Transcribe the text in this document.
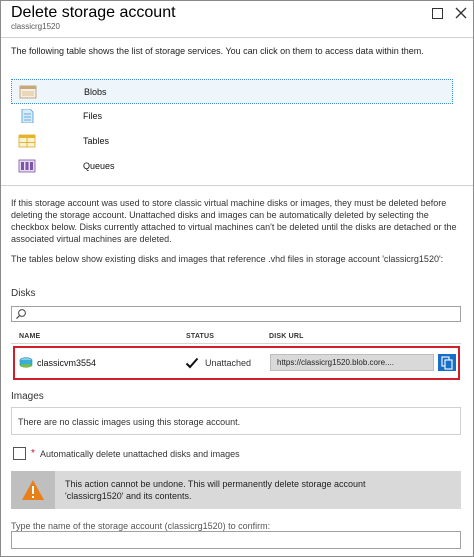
Delete storage account
classicrg1520
The following table shows the list of storage services. You can click on them to access data within them.
Blobs
Files
Tables
Queues
If this storage account was used to store classic virtual machine disks or images, they must be deleted before deleting the storage account. Unattached disks and images can be automatically deleted by selecting the checkbox below. Disks currently attached to virtual machines can't be deleted until the disks are detached or the associated virtual machines are deleted.
The tables below show existing disks and images that reference .vhd files in storage account 'classicrg1520':
Disks
NAME	STATUS	DISK URL
classicvm3554	Unattached	https://classicrg1520.blob.core....
Images
There are no classic images using this storage account.
* Automatically delete unattached disks and images
This action cannot be undone. This will permanently delete storage account 'classicrg1520' and its contents.
Type the name of the storage account (classicrg1520) to confirm:
